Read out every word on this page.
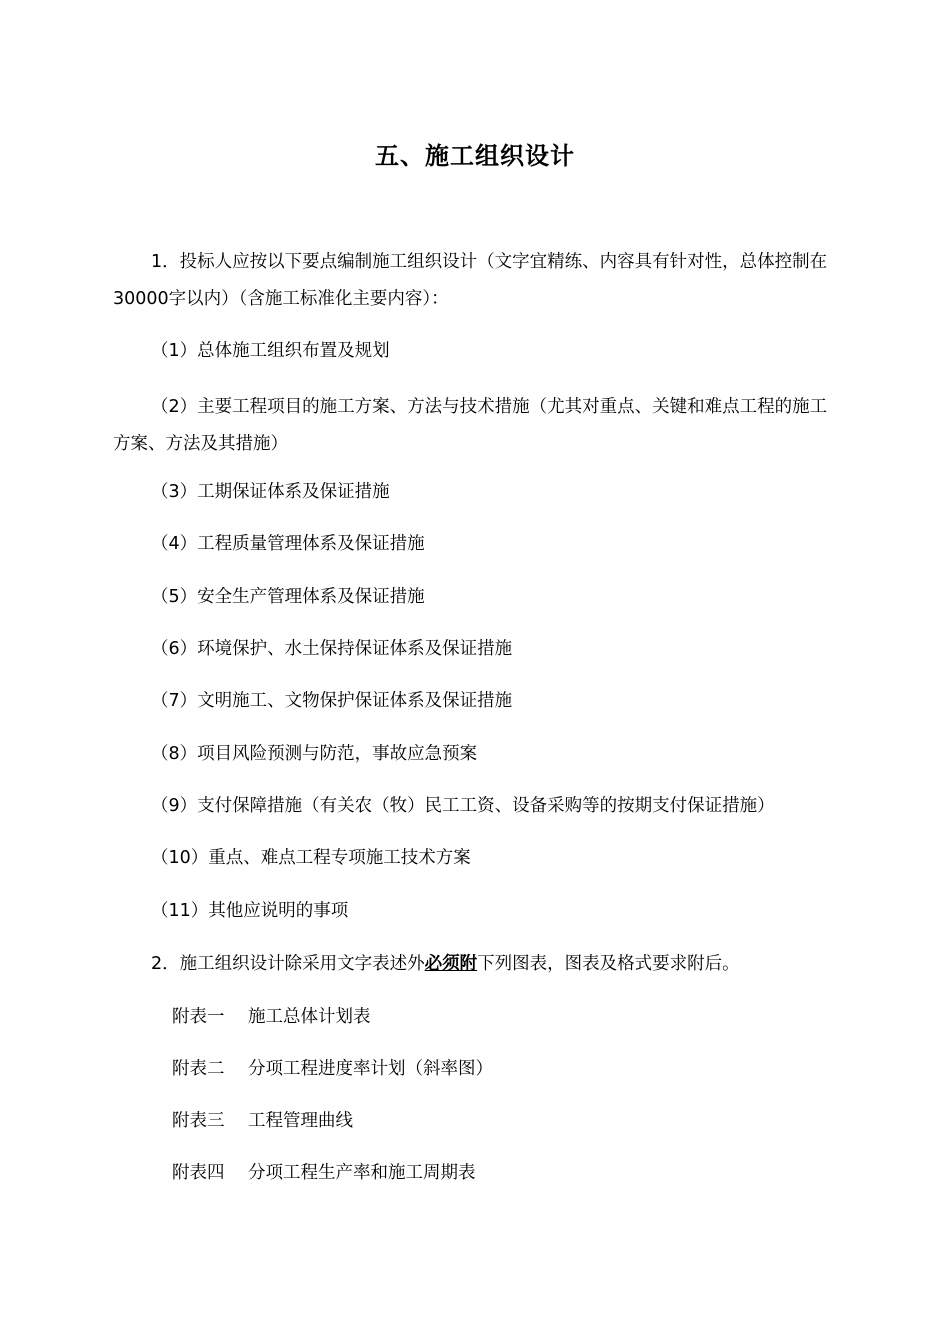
五、施工组织设计

1．投标人应按以下要点编制施工组织设计（文字宜精练、内容具有针对性，总体控制在30000字以内）（含施工标准化主要内容）：

（1）总体施工组织布置及规划

（2）主要工程项目的施工方案、方法与技术措施（尤其对重点、关键和难点工程的施工方案、方法及其措施）

（3）工期保证体系及保证措施

（4）工程质量管理体系及保证措施

（5）安全生产管理体系及保证措施

（6）环境保护、水土保持保证体系及保证措施

（7）文明施工、文物保护保证体系及保证措施

（8）项目风险预测与防范，事故应急预案

（9）支付保障措施（有关农（牧）民工工资、设备采购等的按期支付保证措施）

（10）重点、难点工程专项施工技术方案

（11）其他应说明的事项

2．施工组织设计除采用文字表述外必须附下列图表，图表及格式要求附后。

附表一 施工总体计划表

附表二 分项工程进度率计划（斜率图）

附表三 工程管理曲线

附表四 分项工程生产率和施工周期表
